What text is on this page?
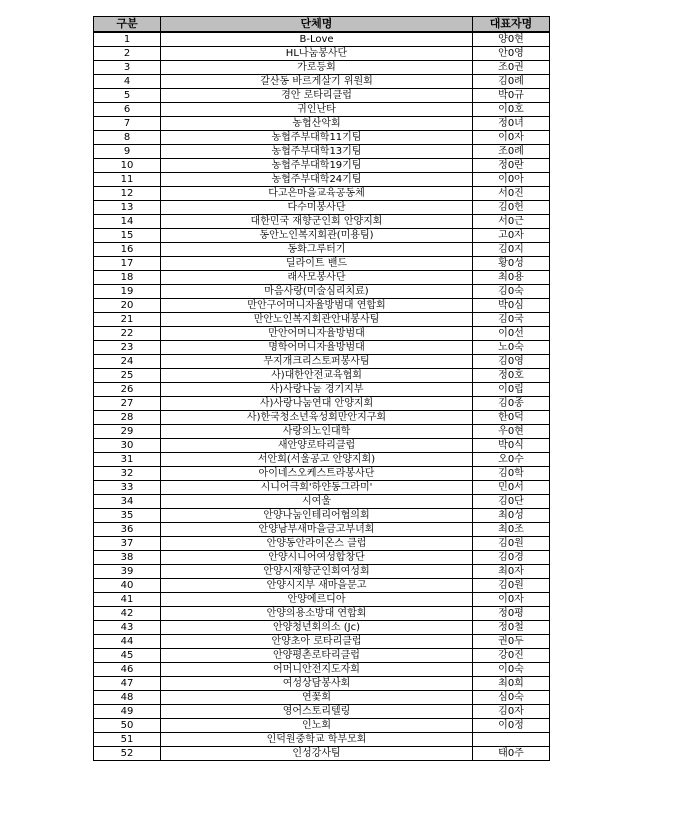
구분	단체명	대표자명
1	B-Love	양0현
2	HL나눔봉사단	안0영
3	가로등회	조0권
4	갈산동 바르게살기 위원회	김0례
5	경안 로타리클럽	박0규
6	귀인난타	이0호
7	농협산악회	정0녀
8	농협주부대학11기팀	이0자
9	농협주부대학13기팀	조0례
10	농협주부대학19기팀	정0란
11	농협주부대학24기팀	이0아
12	다고은마을교육공동체	서0진
13	다수미봉사단	김0헌
14	대한민국 재향군인회 안양지회	서0근
15	동안노인복지회관(미용팀)	고0자
16	동화그루터기	김0지
17	딜라이트 밴드	황0성
18	래사모봉사단	최0용
19	마음사랑(미술심리치료)	김0숙
20	만안구어머니자율방범대 연합회	박0심
21	만안노인복지회관안내봉사팀	김0국
22	만안어머니자율방범대	이0선
23	명학어머니자율방범대	노0숙
24	무지개크리스토퍼봉사팀	김0영
25	사)대한안전교육협회	정0호
26	사)사랑나눔 경기지부	이0립
27	사)사랑나눔연대 안양지회	김0종
28	사)한국청소년육성회만안지구회	한0덕
29	사랑의노인대학	우0현
30	새안양로타리클럽	박0식
31	서안회(서울공고 안양지회)	오0수
32	아이네스오케스트라봉사단	김0학
33	시니어극회'하얀동그라미'	민0서
34	시여울	김0단
35	안양나눔인테리어협의회	최0성
36	안양남부새마을금고부녀회	최0조
37	안양동안라이온스 클럽	김0원
38	안양시니어여성합창단	김0경
39	안양시재향군인회여성회	최0자
40	안양시지부 새마을문고	김0원
41	안양에르디아	이0자
42	안양의용소방대 연합회	정0평
43	안양청년회의소 (Jc)	정0철
44	안양초아 로타리클럽	권0두
45	안양평촌로타리클럽	강0진
46	어머니안전지도자회	이0숙
47	여성상담봉사회	최0희
48	연꽃회	심0숙
49	영어스토리텔링	김0자
50	인노회	이0정
51	인덕원중학교 학부모회	
52	인성강사팀	태0주
